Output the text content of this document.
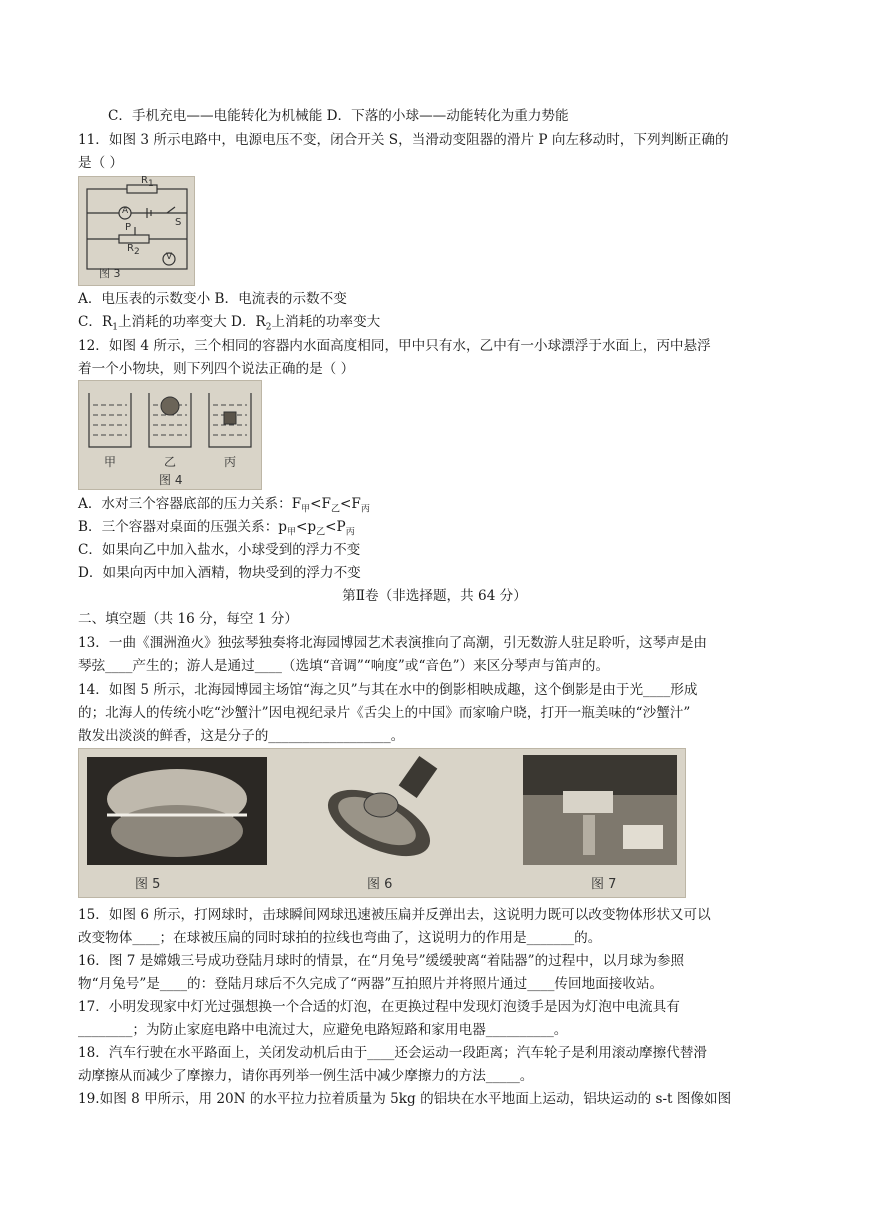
C．手机充电——电能转化为机械能 D．下落的小球——动能转化为重力势能
11．如图 3 所示电路中，电源电压不变，闭合开关 S，当滑动变阻器的滑片 P 向左移动时，下列判断正确的
是（ ）
$R_1$
A
S
P
$R_2$	V
图 3
A．电压表的示数变小 B．电流表的示数不变
C．$R_1$上消耗的功率变大 D．$R_2$上消耗的功率变大
12．如图 4 所示，三个相同的容器内水面高度相同，甲中只有水，乙中有一小球漂浮于水面上，丙中悬浮
着一个小物块，则下列四个说法正确的是（ ）
甲	乙	丙
图 4
A．水对三个容器底部的压力关系：$F_甲<F_乙<F_丙$
B．三个容器对桌面的压强关系：$p_甲<p_乙<P_丙$
C．如果向乙中加入盐水，小球受到的浮力不变
D．如果向丙中加入酒精，物块受到的浮力不变
第Ⅱ卷（非选择题，共 64 分）
二、填空题（共 16 分，每空 1 分）
13．一曲《涠洲渔火》独弦琴独奏将北海园博园艺术表演推向了高潮，引无数游人驻足聆听，这琴声是由
琴弦____产生的；游人是通过____（选填“音调”“响度”或“音色”）来区分琴声与笛声的。
14．如图 5 所示，北海园博园主场馆“海之贝”与其在水中的倒影相映成趣，这个倒影是由于光____形成
的；北海人的传统小吃“沙蟹汁”因电视纪录片《舌尖上的中国》而家喻户晓，打开一瓶美味的“沙蟹汁”
散发出淡淡的鲜香，这是分子的__________________。
图 5	图 6	图 7
15．如图 6 所示，打网球时，击球瞬间网球迅速被压扁并反弹出去，这说明力既可以改变物体形状又可以
改变物体____；在球被压扁的同时球拍的拉线也弯曲了，这说明力的作用是_______的。
16．图 7 是嫦娥三号成功登陆月球时的情景，在“月兔号”缓缓驶离“着陆器”的过程中，以月球为参照
物“月兔号”是____的：登陆月球后不久完成了“两器”互拍照片并将照片通过____传回地面接收站。
17．小明发现家中灯光过强想换一个合适的灯泡，在更换过程中发现灯泡烫手是因为灯泡中电流具有
________；为防止家庭电路中电流过大，应避免电路短路和家用电器__________。
18．汽车行驶在水平路面上，关闭发动机后由于____还会运动一段距离；汽车轮子是利用滚动摩擦代替滑
动摩擦从而减少了摩擦力，请你再列举一例生活中减少摩擦力的方法_____。
19.如图 8 甲所示，用 20N 的水平拉力拉着质量为 5kg 的铝块在水平地面上运动，铝块运动的 s-t 图像如图
